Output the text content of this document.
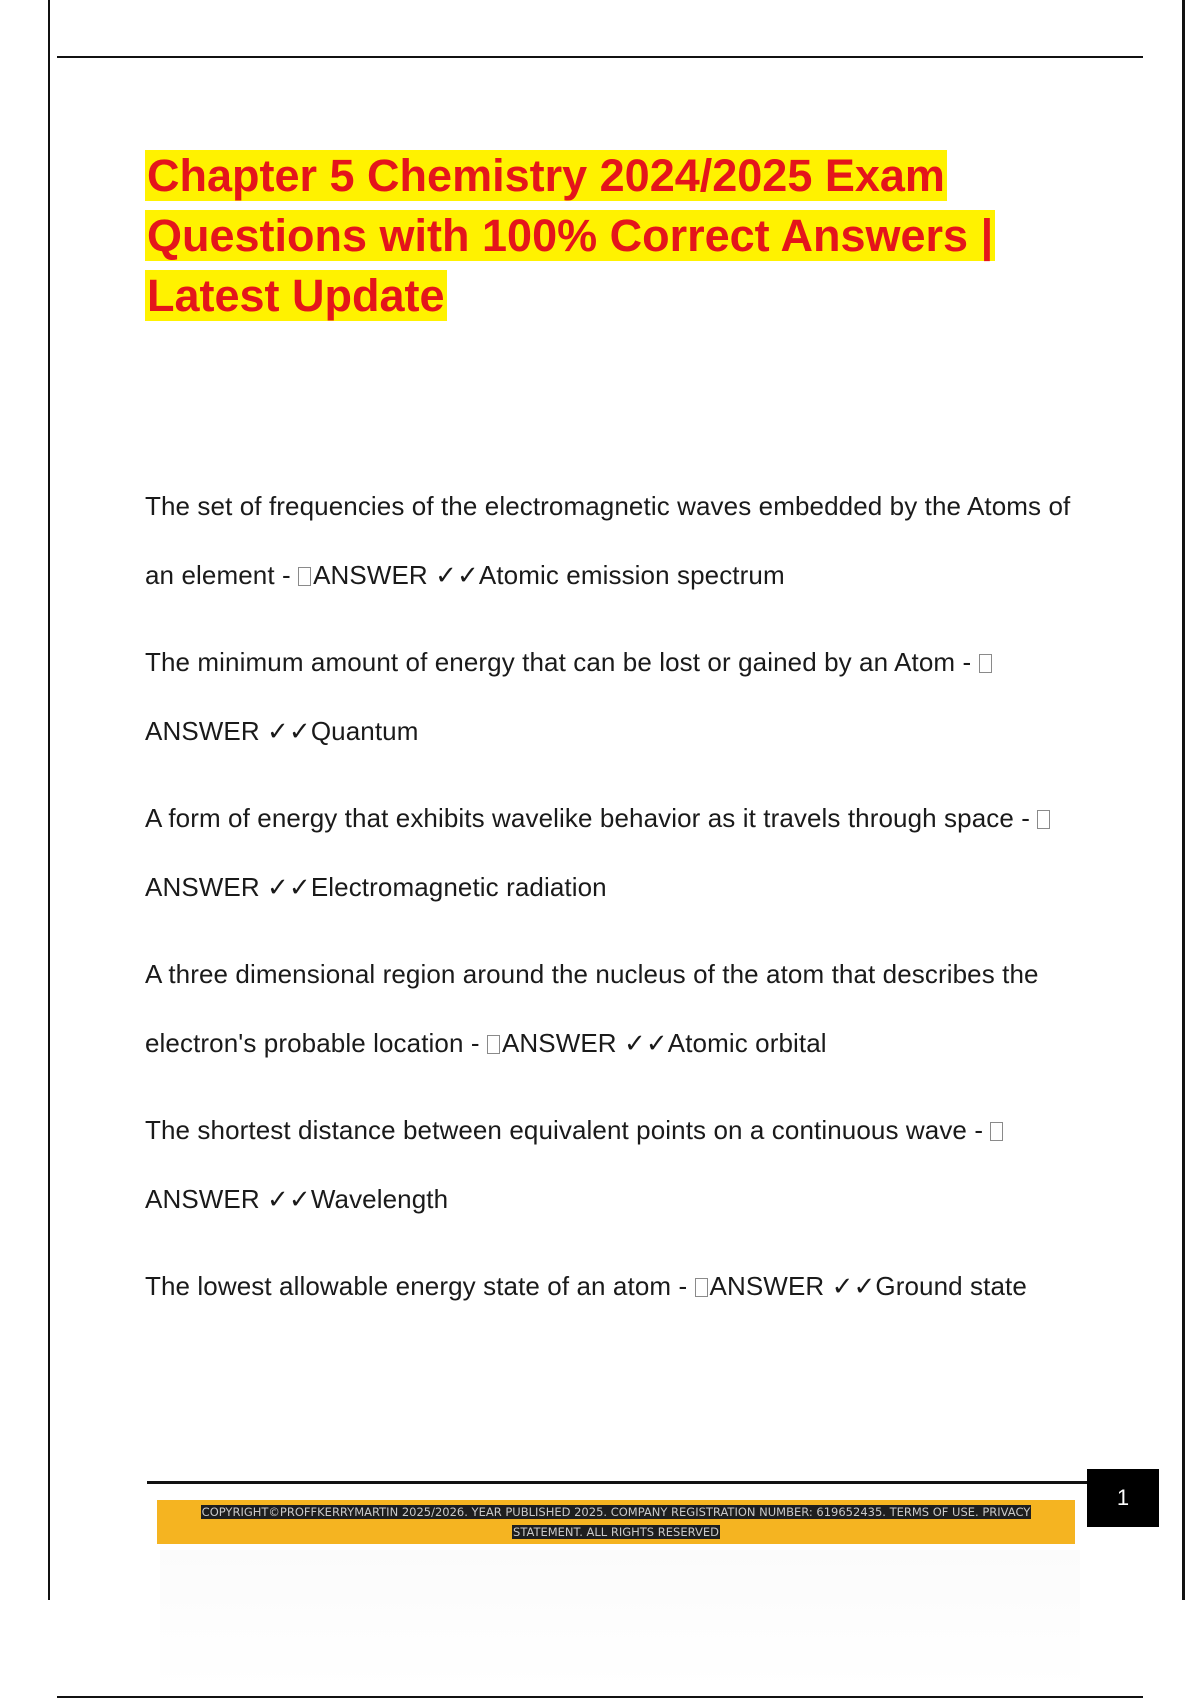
Chapter 5 Chemistry 2024/2025 Exam Questions with 100% Correct Answers | Latest Update

The set of frequencies of the electromagnetic waves embedded by the Atoms of an element - ANSWER ✓✓Atomic emission spectrum

The minimum amount of energy that can be lost or gained by an Atom - ANSWER ✓✓Quantum

A form of energy that exhibits wavelike behavior as it travels through space - ANSWER ✓✓Electromagnetic radiation

A three dimensional region around the nucleus of the atom that describes the electron's probable location - ANSWER ✓✓Atomic orbital

The shortest distance between equivalent points on a continuous wave - ANSWER ✓✓Wavelength

The lowest allowable energy state of an atom - ANSWER ✓✓Ground state

1
COPYRIGHT©PROFFKERRYMARTIN 2025/2026. YEAR PUBLISHED 2025. COMPANY REGISTRATION NUMBER: 619652435. TERMS OF USE. PRIVACY STATEMENT. ALL RIGHTS RESERVED
